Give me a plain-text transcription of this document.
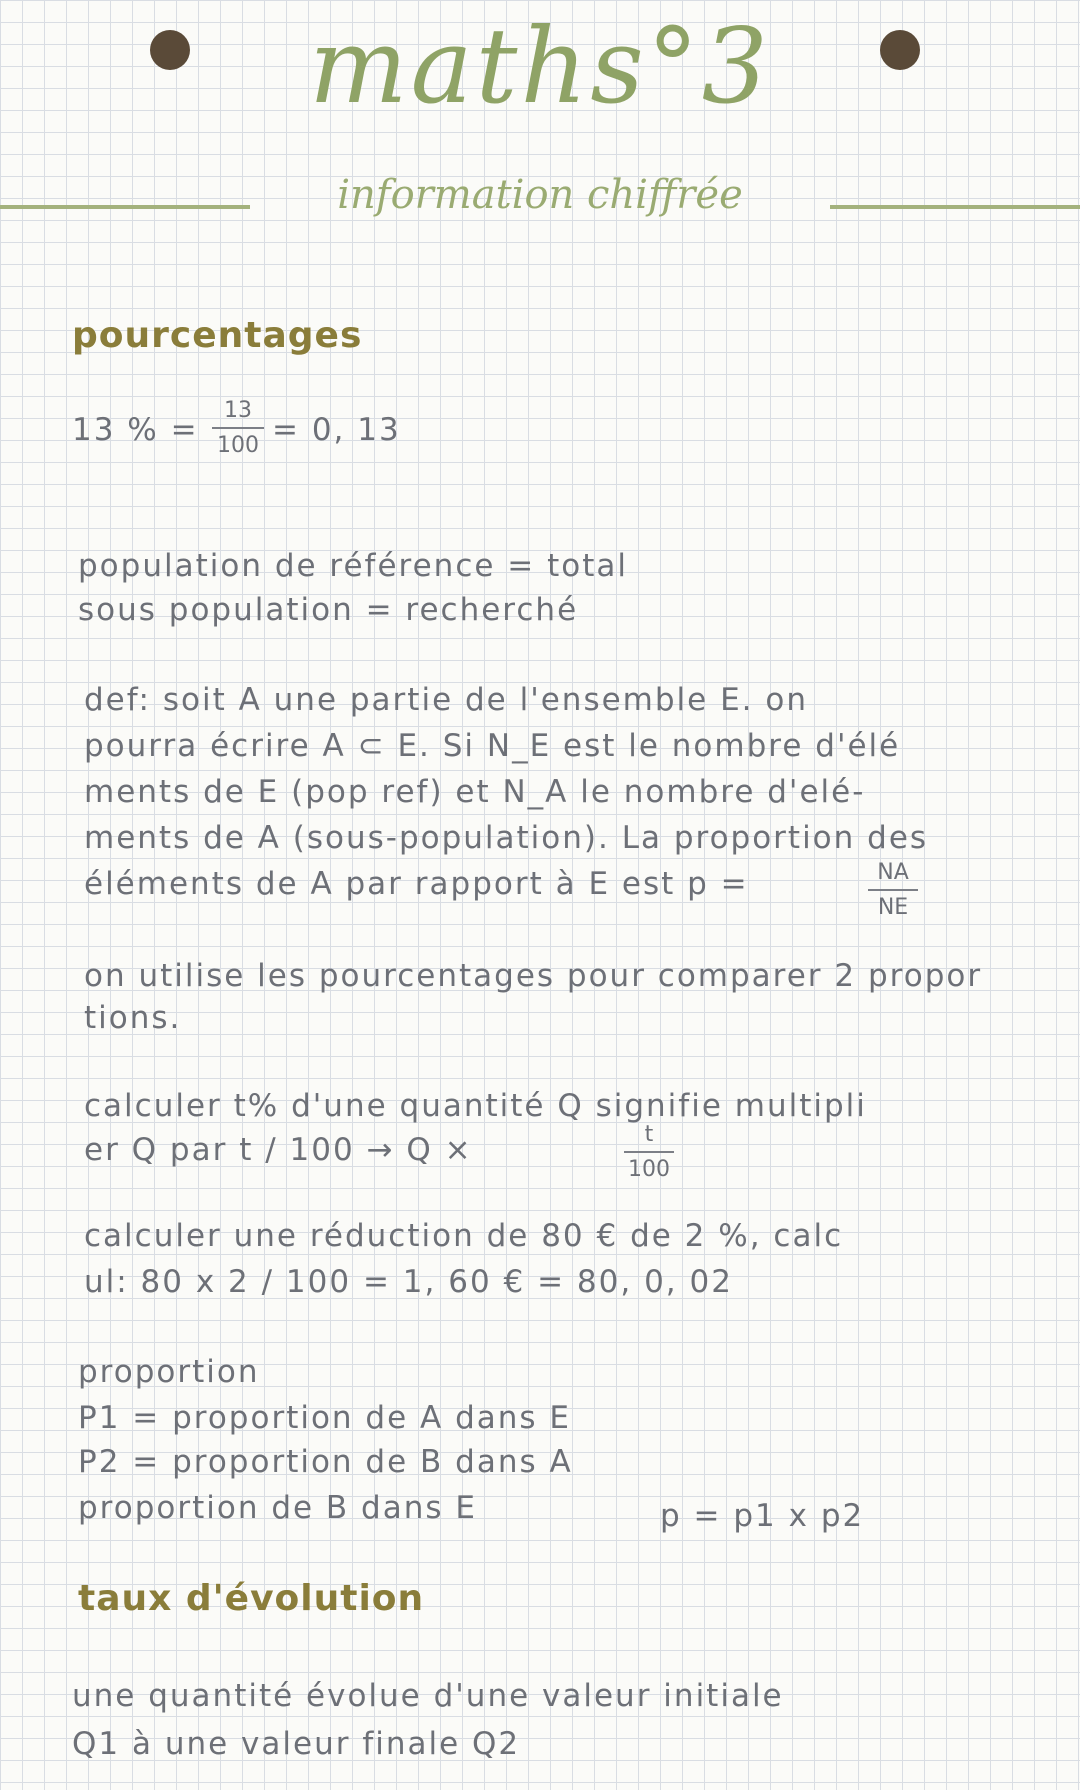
maths°3
information chiffrée
pourcentages
13 % =
13
100 = 0, 13
population de référence = total
sous population = recherché
def: soit A une partie de l'ensemble E. on
pourra écrire A ⊂ E. Si N_E est le nombre d'élé
ments de E (pop ref) et N_A le nombre d'elé-
ments de A (sous-population). La proportion des
éléments de A par rapport à E est p =	NA
NE
on utilise les pourcentages pour comparer 2 propor
tions.
calculer t% d'une quantité Q signifie multipli
er Q par t / 100 → Q ×	t
100
calculer une réduction de 80 € de 2 %, calc
ul: 80 x 2 / 100 = 1, 60 € = 80, 0, 02
proportion
P1 = proportion de A dans E
P2 = proportion de B dans A
proportion de B dans E	p = p1 x p2
taux d'évolution
une quantité évolue d'une valeur initiale
Q1 à une valeur finale Q2
